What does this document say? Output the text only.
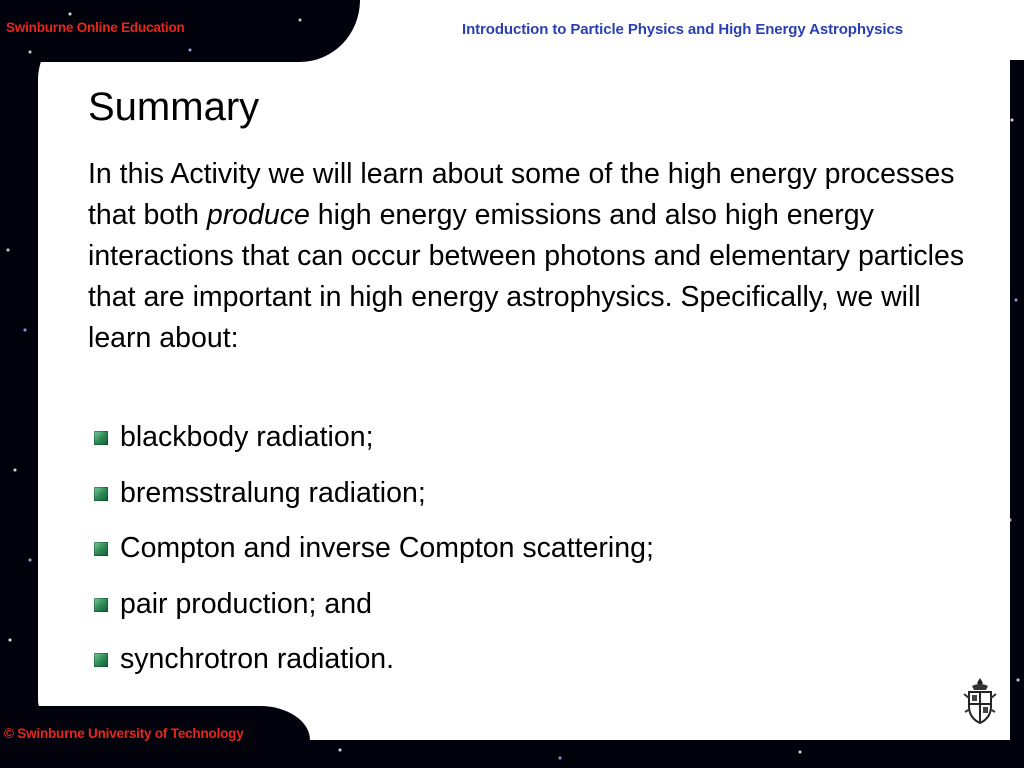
Swinburne Online Education	Introduction to Particle Physics and High Energy Astrophysics
Summary

In this Activity we will learn about some of the high energy processes that both produce high energy emissions and also high energy interactions that can occur between photons and elementary particles that are important in high energy astrophysics. Specifically, we will learn about:

blackbody radiation;
bremsstralung radiation;
Compton and inverse Compton scattering;
pair production; and
synchrotron radiation.
© Swinburne University of Technology
